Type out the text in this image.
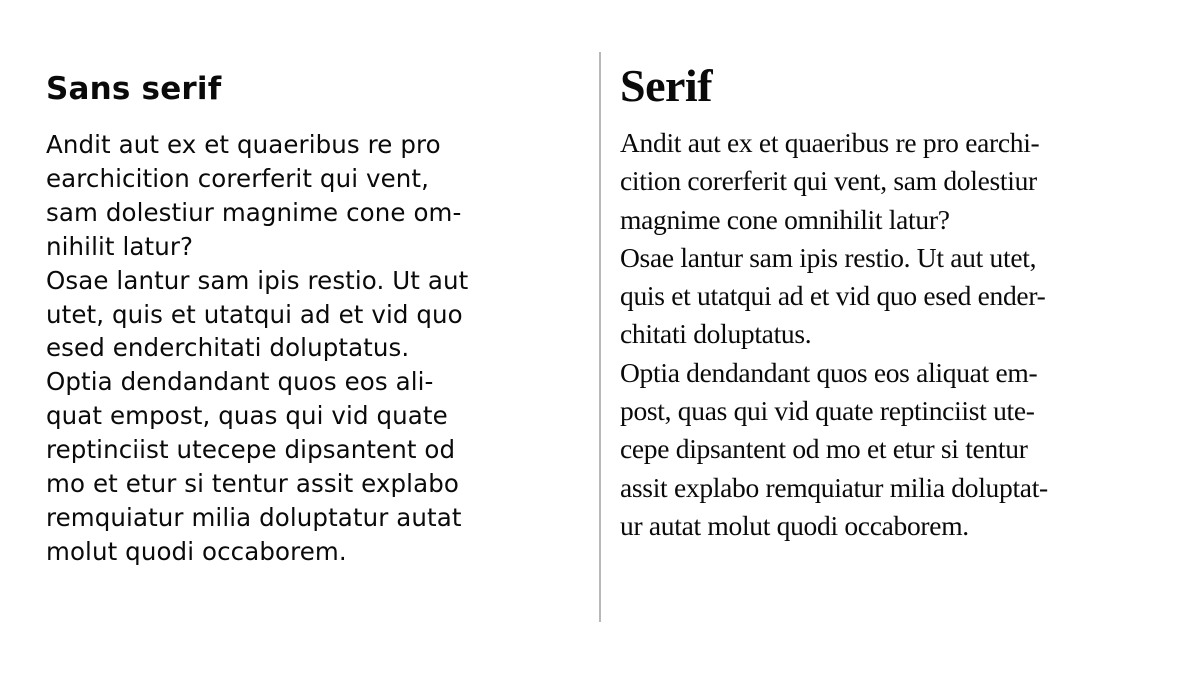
Sans serif
Andit aut ex et quaeribus re pro
earchicition corerferit qui vent,
sam dolestiur magnime cone om-
nihilit latur?
Osae lantur sam ipis restio. Ut aut
utet, quis et utatqui ad et vid quo
esed enderchitati doluptatus.
Optia dendandant quos eos ali-
quat empost, quas qui vid quate
reptinciist utecepe dipsantent od
mo et etur si tentur assit explabo
remquiatur milia doluptatur autat
molut quodi occaborem.
Serif
Andit aut ex et quaeribus re pro earchi-
cition corerferit qui vent, sam dolestiur
magnime cone omnihilit latur?
Osae lantur sam ipis restio. Ut aut utet,
quis et utatqui ad et vid quo esed ender-
chitati doluptatus.
Optia dendandant quos eos aliquat em-
post, quas qui vid quate reptinciist ute-
cepe dipsantent od mo et etur si tentur
assit explabo remquiatur milia doluptat-
ur autat molut quodi occaborem.
